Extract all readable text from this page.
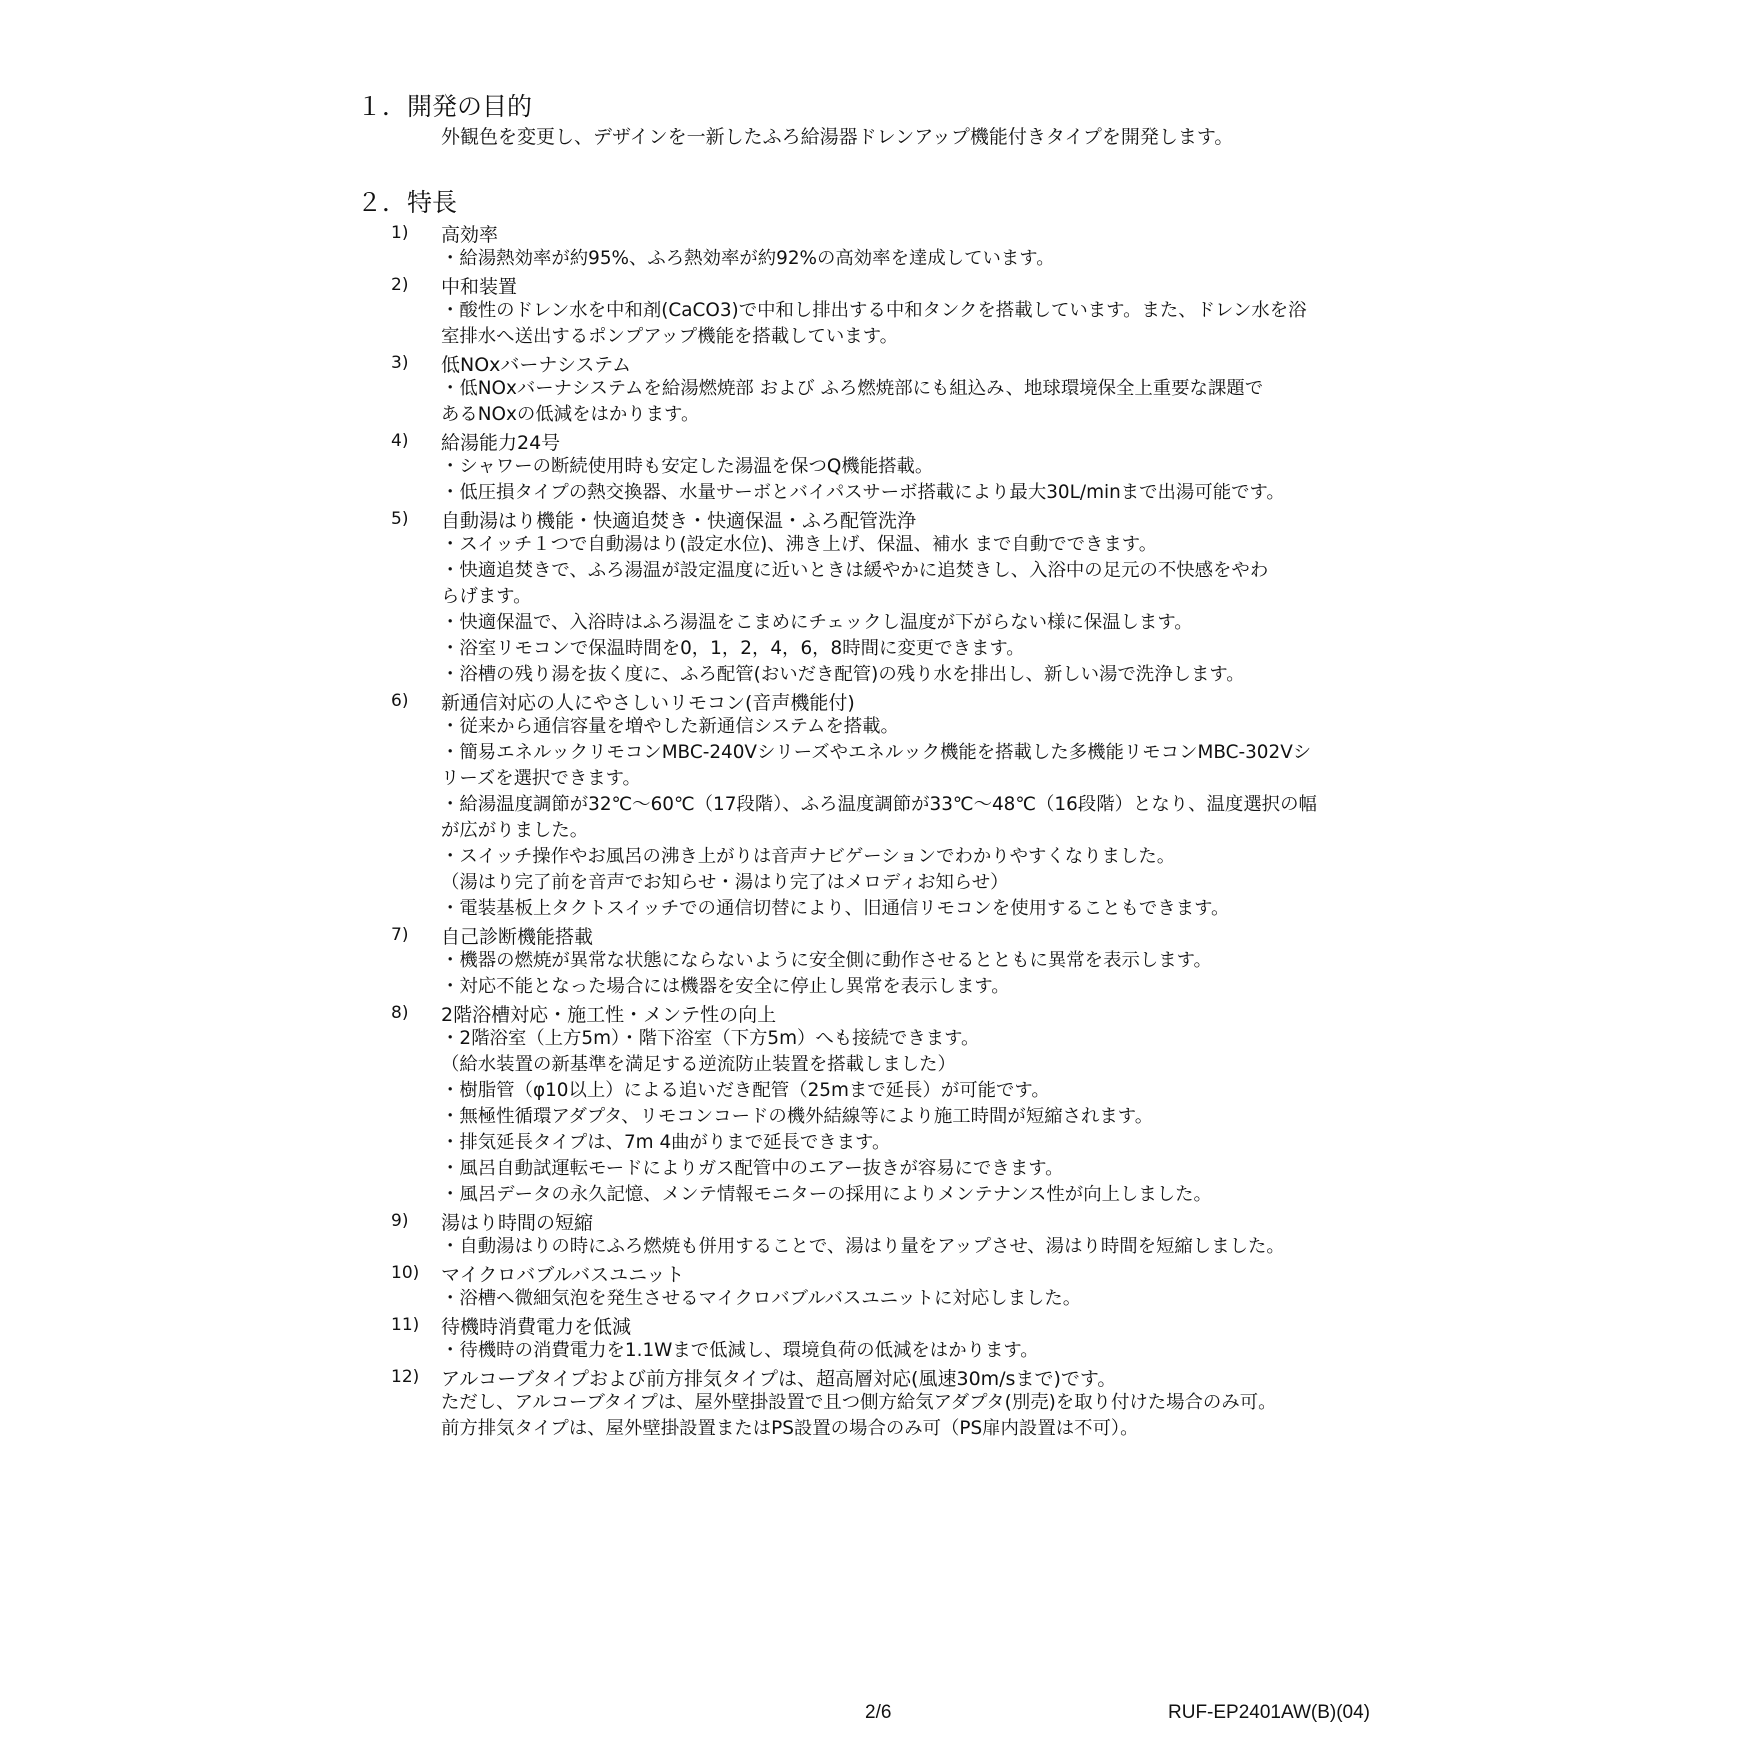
１．開発の目的
外観色を変更し、デザインを一新したふろ給湯器ドレンアップ機能付きタイプを開発します。
２．特長
1)	高効率
・給湯熱効率が約95%、ふろ熱効率が約92%の高効率を達成しています。
2)	中和装置
・酸性のドレン水を中和剤(CaCO3)で中和し排出する中和タンクを搭載しています。また、ドレン水を浴
室排水へ送出するポンプアップ機能を搭載しています。
3)	低NOxバーナシステム
・低NOxバーナシステムを給湯燃焼部 および ふろ燃焼部にも組込み、地球環境保全上重要な課題で
あるNOxの低減をはかります。
4)	給湯能力24号
・シャワーの断続使用時も安定した湯温を保つQ機能搭載。
・低圧損タイプの熱交換器、水量サーボとバイパスサーボ搭載により最大30L/minまで出湯可能です。
5)	自動湯はり機能・快適追焚き・快適保温・ふろ配管洗浄
・スイッチ１つで自動湯はり(設定水位)、沸き上げ、保温、補水 まで自動でできます。
・快適追焚きで、ふろ湯温が設定温度に近いときは緩やかに追焚きし、入浴中の足元の不快感をやわ
らげます。
・快適保温で、入浴時はふろ湯温をこまめにチェックし温度が下がらない様に保温します。
・浴室リモコンで保温時間を0，1，2，4，6，8時間に変更できます。
・浴槽の残り湯を抜く度に、ふろ配管(おいだき配管)の残り水を排出し、新しい湯で洗浄します。
6)	新通信対応の人にやさしいリモコン(音声機能付)
・従来から通信容量を増やした新通信システムを搭載。
・簡易エネルックリモコンMBC-240Vシリーズやエネルック機能を搭載した多機能リモコンMBC-302Vシ
リーズを選択できます。
・給湯温度調節が32℃～60℃（17段階）、ふろ温度調節が33℃～48℃（16段階）となり、温度選択の幅
が広がりました。
・スイッチ操作やお風呂の沸き上がりは音声ナビゲーションでわかりやすくなりました。
（湯はり完了前を音声でお知らせ・湯はり完了はメロディお知らせ）
・電装基板上タクトスイッチでの通信切替により、旧通信リモコンを使用することもできます。
7)	自己診断機能搭載
・機器の燃焼が異常な状態にならないように安全側に動作させるとともに異常を表示します。
・対応不能となった場合には機器を安全に停止し異常を表示します。
8)	2階浴槽対応・施工性・メンテ性の向上
・2階浴室（上方5m）・階下浴室（下方5m）へも接続できます。
（給水装置の新基準を満足する逆流防止装置を搭載しました）
・樹脂管（φ10以上）による追いだき配管（25mまで延長）が可能です。
・無極性循環アダプタ、リモコンコードの機外結線等により施工時間が短縮されます。
・排気延長タイプは、7m 4曲がりまで延長できます。
・風呂自動試運転モードによりガス配管中のエアー抜きが容易にできます。
・風呂データの永久記憶、メンテ情報モニターの採用によりメンテナンス性が向上しました。
9)	湯はり時間の短縮
・自動湯はりの時にふろ燃焼も併用することで、湯はり量をアップさせ、湯はり時間を短縮しました。
10)	マイクロバブルバスユニット
・浴槽へ微細気泡を発生させるマイクロバブルバスユニットに対応しました。
11)	待機時消費電力を低減
・待機時の消費電力を1.1Wまで低減し、環境負荷の低減をはかります。
12)	アルコーブタイプおよび前方排気タイプは、超高層対応(風速30m/sまで)です。
ただし、アルコーブタイプは、屋外壁掛設置で且つ側方給気アダプタ(別売)を取り付けた場合のみ可。
前方排気タイプは、屋外壁掛設置またはPS設置の場合のみ可（PS扉内設置は不可）。
2/6	RUF-EP2401AW(B)(04)
